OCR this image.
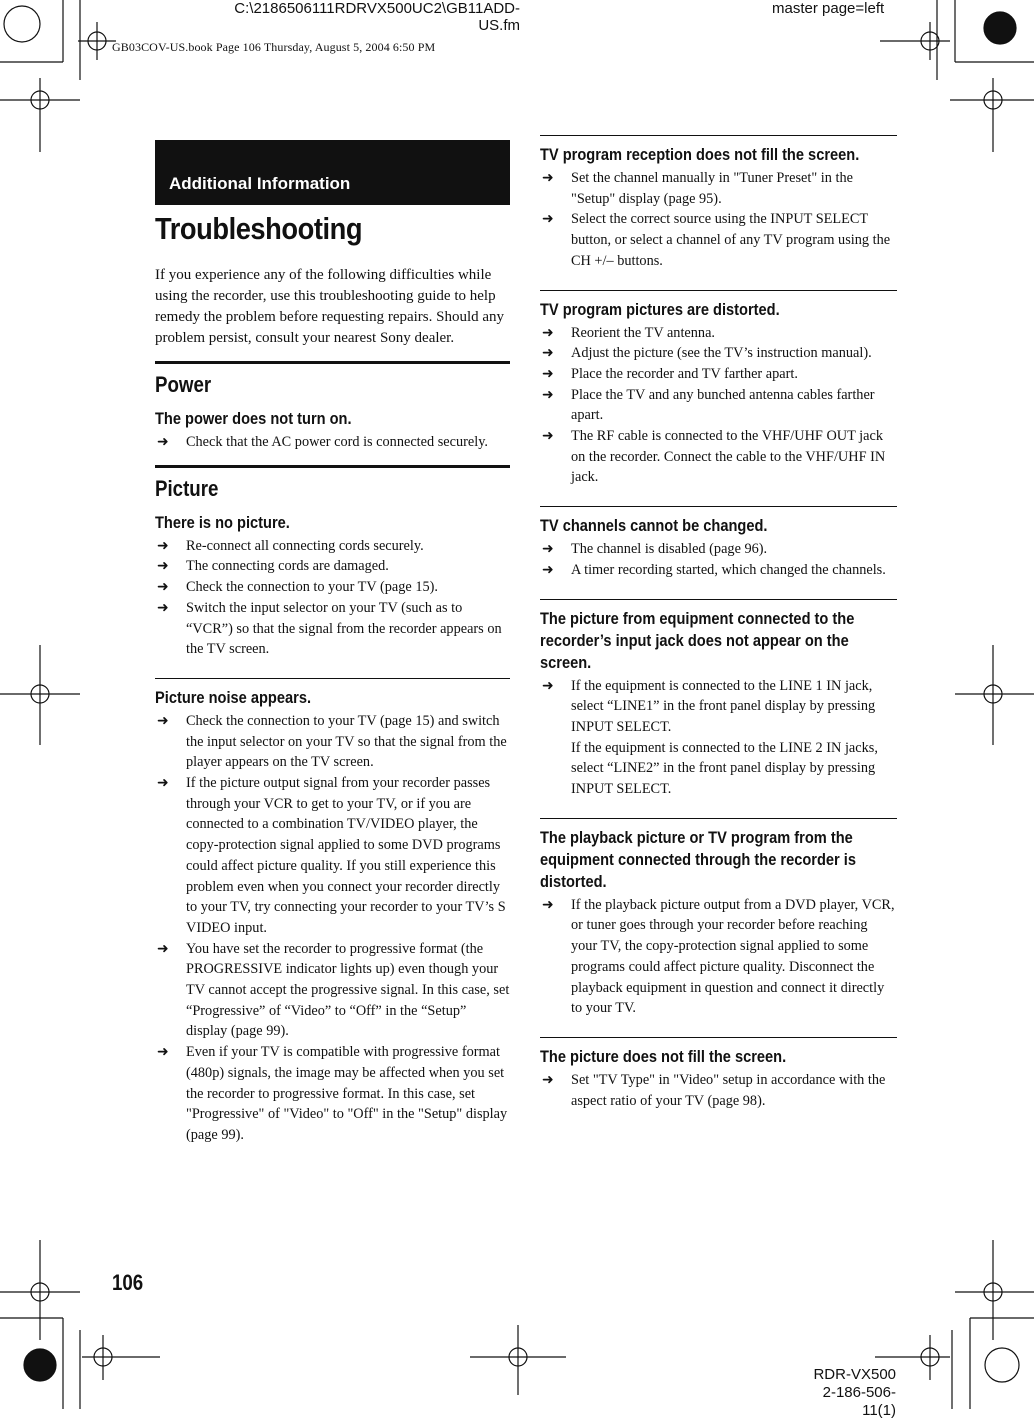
C:\2186506111RDRVX500UC2\GB11ADD-
US.fm
master page=left
GB03COV-US.book Page 106 Thursday, August 5, 2004 6:50 PM
Additional Information
Troubleshooting
If you experience any of the following difficulties while using the recorder, use this troubleshooting guide to help remedy the problem before requesting repairs. Should any problem persist, consult your nearest Sony dealer.
Power
The power does not turn on.
➜ Check that the AC power cord is connected securely.
Picture
There is no picture.
➜ Re-connect all connecting cords securely.
➜ The connecting cords are damaged.
➜ Check the connection to your TV (page 15).
➜ Switch the input selector on your TV (such as to “VCR”) so that the signal from the recorder appears on the TV screen.
Picture noise appears.
➜ Check the connection to your TV (page 15) and switch the input selector on your TV so that the signal from the player appears on the TV screen.
➜ If the picture output signal from your recorder passes through your VCR to get to your TV, or if you are connected to a combination TV/VIDEO player, the copy-protection signal applied to some DVD programs could affect picture quality. If you still experience this problem even when you connect your recorder directly to your TV, try connecting your recorder to your TV’s S VIDEO input.
➜ You have set the recorder to progressive format (the PROGRESSIVE indicator lights up) even though your TV cannot accept the progressive signal. In this case, set “Progressive” of “Video” to “Off” in the “Setup” display (page 99).
➜ Even if your TV is compatible with progressive format (480p) signals, the image may be affected when you set the recorder to progressive format. In this case, set "Progressive" of "Video" to "Off" in the "Setup" display (page 99).
TV program reception does not fill the screen.
➜ Set the channel manually in "Tuner Preset" in the "Setup" display (page 95).
➜ Select the correct source using the INPUT SELECT button, or select a channel of any TV program using the CH +/– buttons.
TV program pictures are distorted.
➜ Reorient the TV antenna.
➜ Adjust the picture (see the TV’s instruction manual).
➜ Place the recorder and TV farther apart.
➜ Place the TV and any bunched antenna cables farther apart.
➜ The RF cable is connected to the VHF/UHF OUT jack on the recorder. Connect the cable to the VHF/UHF IN jack.
TV channels cannot be changed.
➜ The channel is disabled (page 96).
➜ A timer recording started, which changed the channels.
The picture from equipment connected to the recorder’s input jack does not appear on the screen.
➜ If the equipment is connected to the LINE 1 IN jack, select “LINE1” in the front panel display by pressing INPUT SELECT.
If the equipment is connected to the LINE 2 IN jacks, select “LINE2” in the front panel display by pressing INPUT SELECT.
The playback picture or TV program from the equipment connected through the recorder is distorted.
➜ If the playback picture output from a DVD player, VCR, or tuner goes through your recorder before reaching your TV, the copy-protection signal applied to some programs could affect picture quality. Disconnect the playback equipment in question and connect it directly to your TV.
The picture does not fill the screen.
➜ Set "TV Type" in "Video" setup in accordance with the aspect ratio of your TV (page 98).
106
RDR-VX500
2-186-506-11(1)
